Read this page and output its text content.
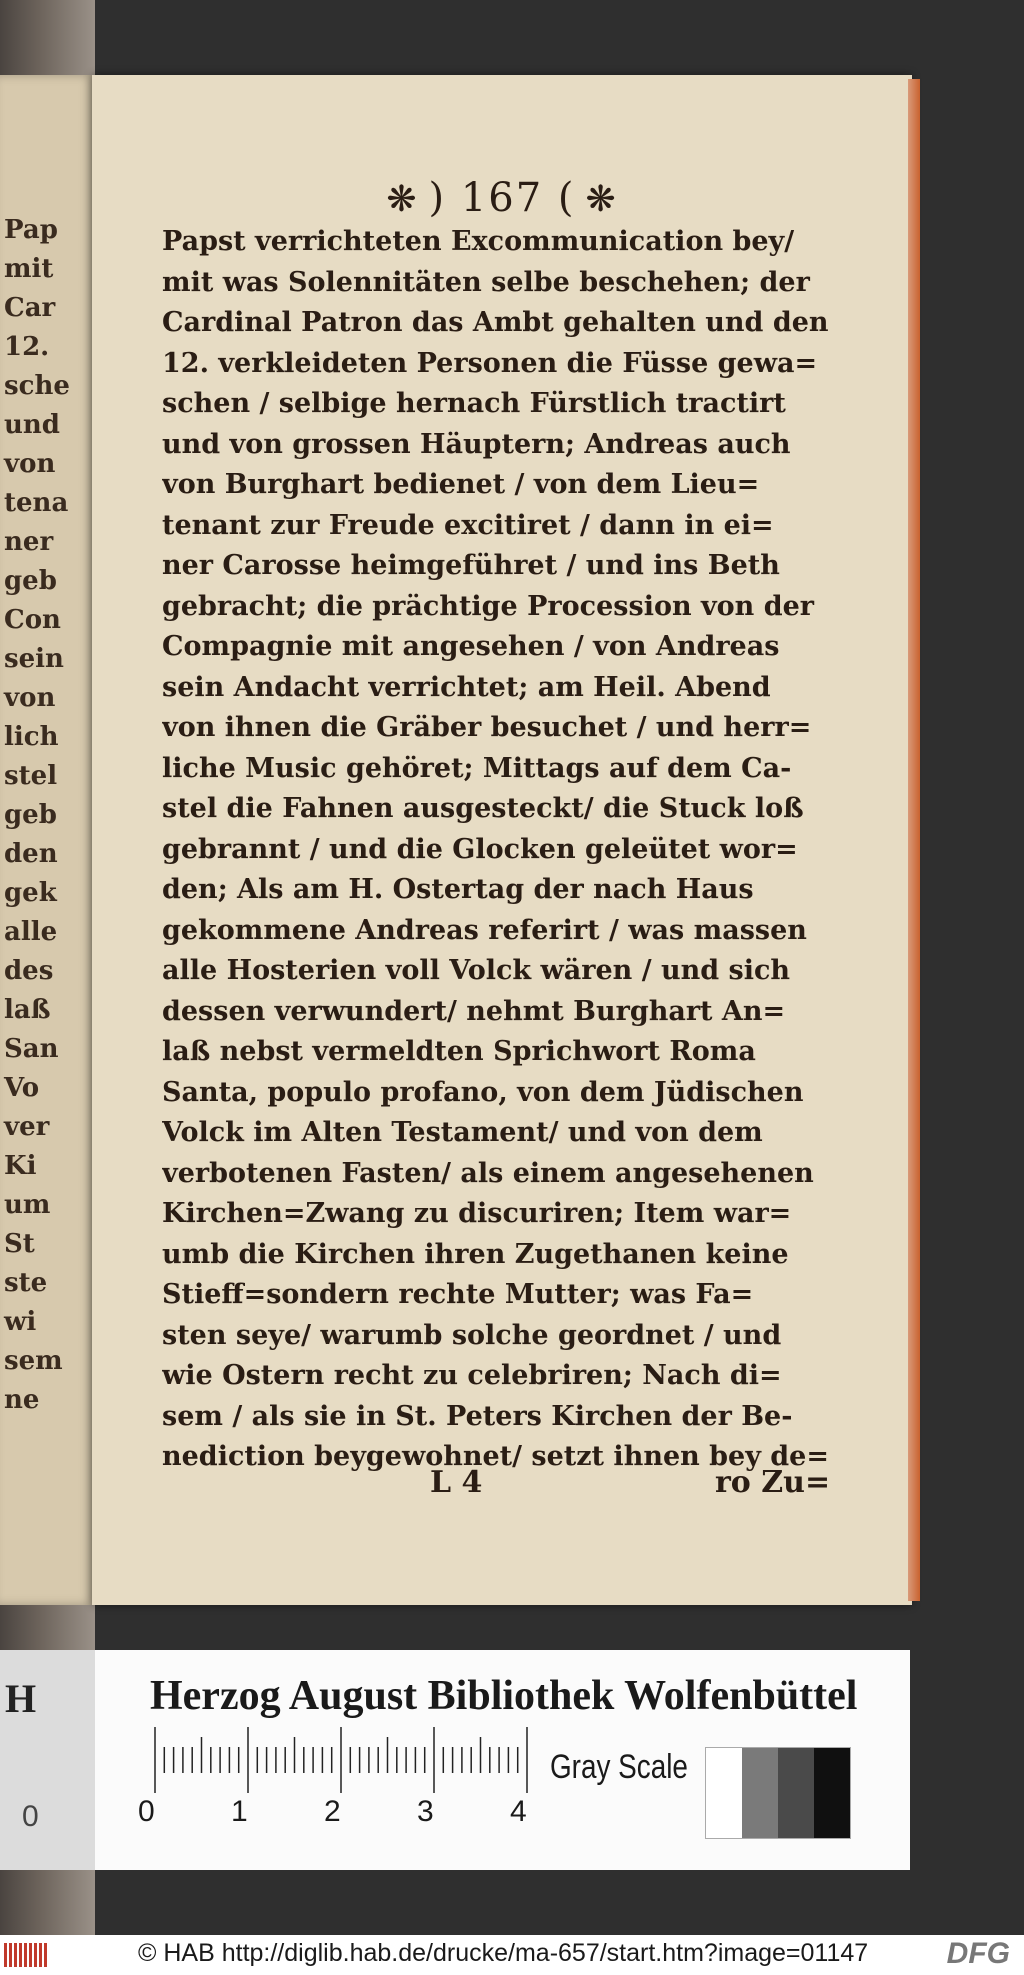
Pap
mit
Car
12.
sche
und
von
tena
ner
geb
Con
sein
von
lich
stel
geb
den
gek
alle
des
laß
San
Vo
ver
Ki
um
St
ste
wi
sem
ne
❋ ) 167 ( ❋
Papst verrichteten Excommunication bey/
mit was Solennitäten selbe beschehen; der
Cardinal Patron das Ambt gehalten und den
12. verkleideten Personen die Füsse gewa=
schen / selbige hernach Fürstlich tractirt
und von grossen Häuptern; Andreas auch
von Burghart bedienet / von dem Lieu=
tenant zur Freude excitiret / dann in ei=
ner Carosse heimgeführet / und ins Beth
gebracht; die prächtige Procession von der
Compagnie mit angesehen / von Andreas
sein Andacht verrichtet; am Heil. Abend
von ihnen die Gräber besuchet / und herr=
liche Music gehöret; Mittags auf dem Ca-
stel die Fahnen ausgesteckt/ die Stuck loß
gebrannt / und die Glocken geleütet wor=
den; Als am H. Ostertag der nach Haus
gekommene Andreas referirt / was massen
alle Hosterien voll Volck wären / und sich
dessen verwundert/ nehmt Burghart An=
laß nebst vermeldten Sprichwort Roma
Santa, populo profano, von dem Jüdischen
Volck im Alten Testament/ und von dem
verbotenen Fasten/ als einem angesehenen
Kirchen=Zwang zu discuriren; Item war=
umb die Kirchen ihren Zugethanen keine
Stieff=sondern rechte Mutter; was Fa=
sten seye/ warumb solche geordnet / und
wie Ostern recht zu celebriren; Nach di=
sem / als sie in St. Peters Kirchen der Be-
nediction beygewohnet/ setzt ihnen bey de=
L 4	ro Zu=
H
0
Herzog August Bibliothek Wolfenbüttel
0	1	2	3	4
Gray Scale
© HAB http://diglib.hab.de/drucke/ma-657/start.htm?image=01147	DFG
